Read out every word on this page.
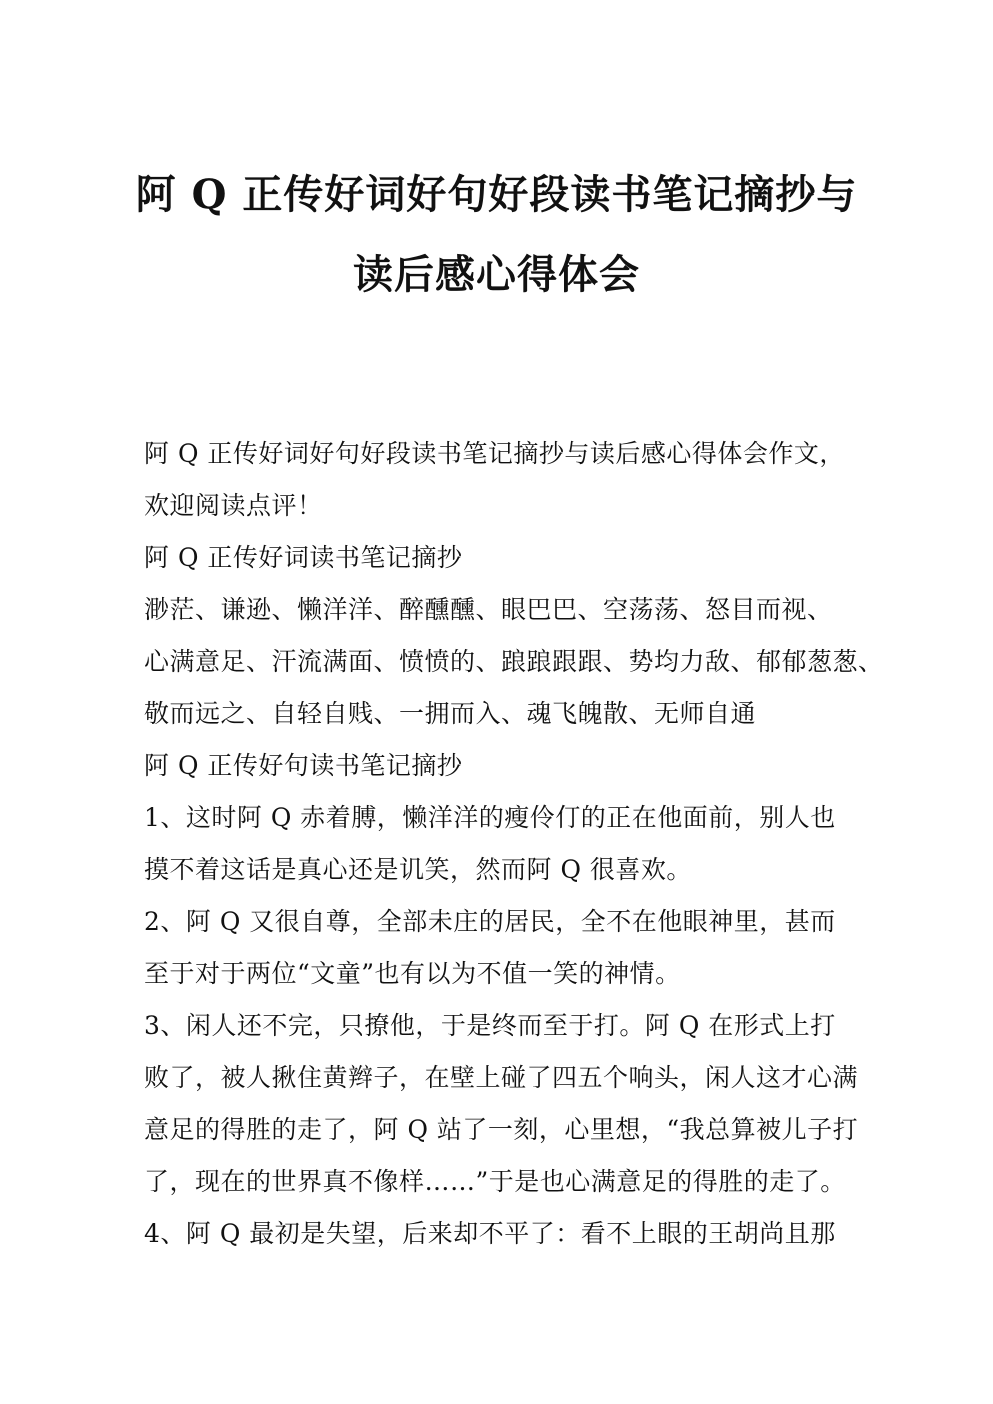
阿 Q 正传好词好句好段读书笔记摘抄与
读后感心得体会

阿 Q 正传好词好句好段读书笔记摘抄与读后感心得体会作文，
欢迎阅读点评！

阿 Q 正传好词读书笔记摘抄

渺茫、谦逊、懒洋洋、醉醺醺、眼巴巴、空荡荡、怒目而视、
心满意足、汗流满面、愤愤的、踉踉跟跟、势均力敌、郁郁葱葱、
敬而远之、自轻自贱、一拥而入、魂飞魄散、无师自通

阿 Q 正传好句读书笔记摘抄

1、这时阿 Q 赤着膊，懒洋洋的瘦伶仃的正在他面前，别人也
摸不着这话是真心还是讥笑，然而阿 Q 很喜欢。

2、阿 Q 又很自尊，全部未庄的居民，全不在他眼神里，甚而
至于对于两位“文童”也有以为不值一笑的神情。

3、闲人还不完，只撩他，于是终而至于打。阿 Q 在形式上打
败了，被人揪住黄辫子，在壁上碰了四五个响头，闲人这才心满
意足的得胜的走了，阿 Q 站了一刻，心里想，“我总算被儿子打
了，现在的世界真不像样……”于是也心满意足的得胜的走了。

4、阿 Q 最初是失望，后来却不平了：看不上眼的王胡尚且那
